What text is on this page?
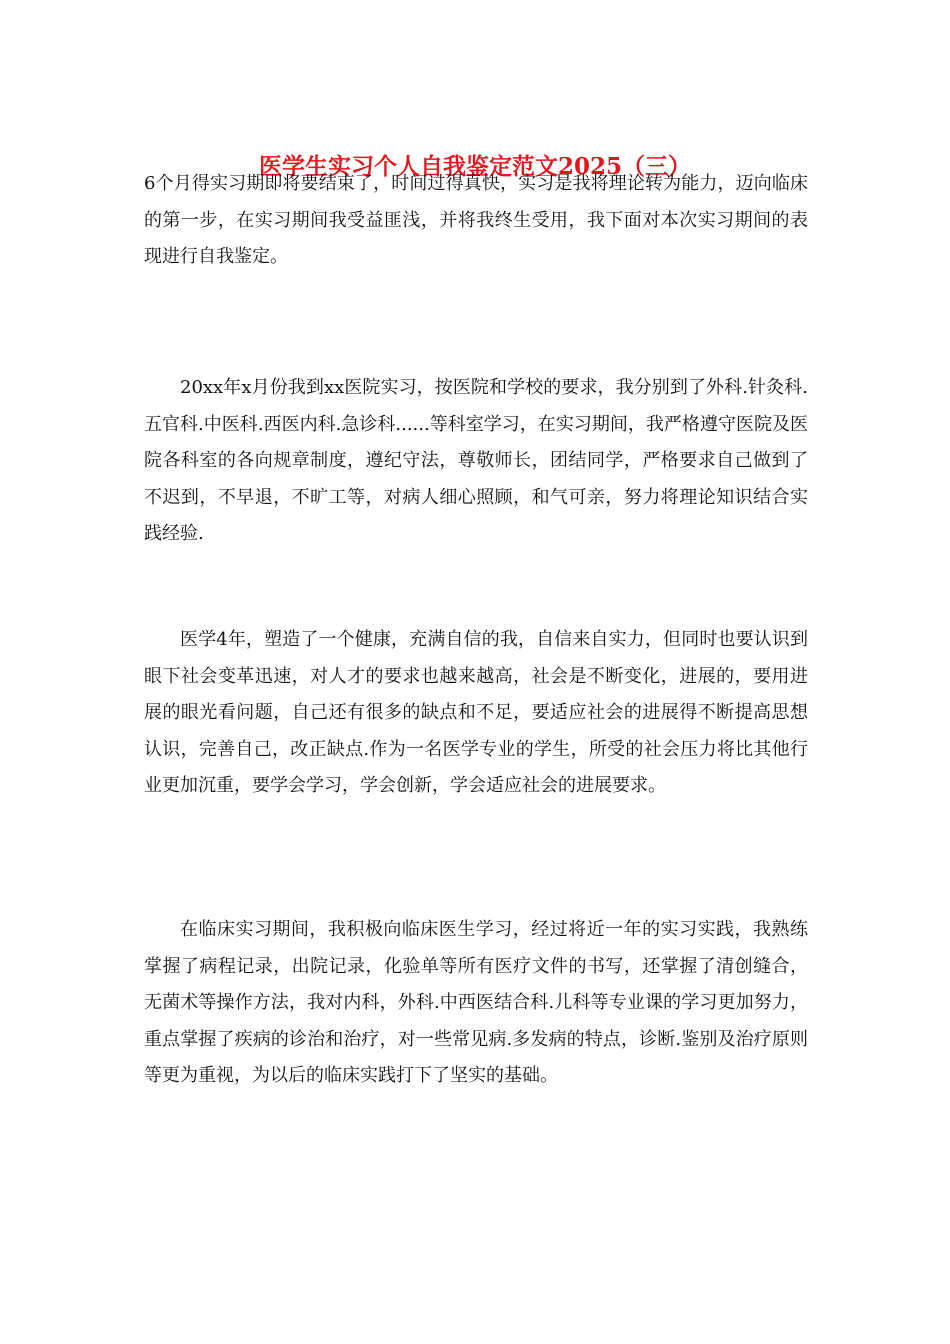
医学生实习个人自我鉴定范文2025（三）

6个月得实习期即将要结束了，时间过得真快，实习是我将理论转为能力，迈向临床的第一步，在实习期间我受益匪浅，并将我终生受用，我下面对本次实习期间的表现进行自我鉴定。

20xx年x月份我到xx医院实习，按医院和学校的要求，我分别到了外科.针灸科.五官科.中医科.西医内科.急诊科......等科室学习，在实习期间，我严格遵守医院及医院各科室的各向规章制度，遵纪守法，尊敬师长，团结同学，严格要求自己做到了不迟到，不早退，不旷工等，对病人细心照顾，和气可亲，努力将理论知识结合实践经验.

医学4年，塑造了一个健康，充满自信的我，自信来自实力，但同时也要认识到眼下社会变革迅速，对人才的要求也越来越高，社会是不断变化，进展的，要用进展的眼光看问题，自己还有很多的缺点和不足，要适应社会的进展得不断提高思想认识，完善自己，改正缺点.作为一名医学专业的学生，所受的社会压力将比其他行业更加沉重，要学会学习，学会创新，学会适应社会的进展要求。

在临床实习期间，我积极向临床医生学习，经过将近一年的实习实践，我熟练掌握了病程记录，出院记录，化验单等所有医疗文件的书写，还掌握了清创缝合，无菌术等操作方法，我对内科，外科.中西医结合科.儿科等专业课的学习更加努力，重点掌握了疾病的诊治和治疗，对一些常见病.多发病的特点，诊断.鉴别及治疗原则等更为重视，为以后的临床实践打下了坚实的基础。
